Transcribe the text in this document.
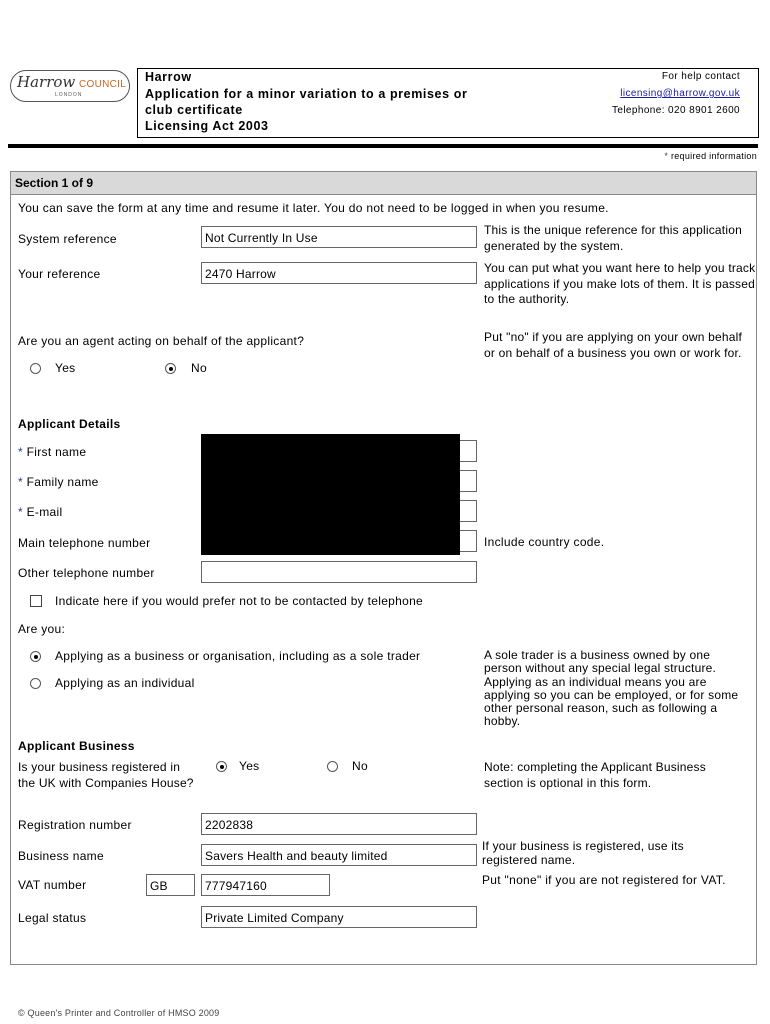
Harrow COUNCIL
LONDON
Harrow
Application for a minor variation to a premises or
club certificate
Licensing Act 2003
For help contact
licensing@harrow.gov.uk
Telephone: 020 8901 2600
* required information
Section 1 of 9
You can save the form at any time and resume it later. You do not need to be logged in when you resume.
System reference	Not Currently In Use
This is the unique reference for this application generated by the system.
Your reference	2470 Harrow	You can put what you want here to help you track applications if you make lots of them. It is passed to the authority.
Are you an agent acting on behalf of the applicant?
Yes	No
Put "no" if you are applying on your own behalf or on behalf of a business you own or work for.
Applicant Details
* First name
* Family name
* E-mail
Main telephone number	Include country code.
Other telephone number
Indicate here if you would prefer not to be contacted by telephone
Are you:
Applying as a business or organisation, including as a sole trader
Applying as an individual
A sole trader is a business owned by one person without any special legal structure. Applying as an individual means you are applying so you can be employed, or for some other personal reason, such as following a hobby.
Applicant Business
Is your business registered in the UK with Companies House?
Yes	No	Note: completing the Applicant Business section is optional in this form.
Registration number	2202838
Business name	Savers Health and beauty limited
If your business is registered, use its registered name.
VAT number	GB	777947160	Put "none" if you are not registered for VAT.
Legal status	Private Limited Company
© Queen's Printer and Controller of HMSO 2009
